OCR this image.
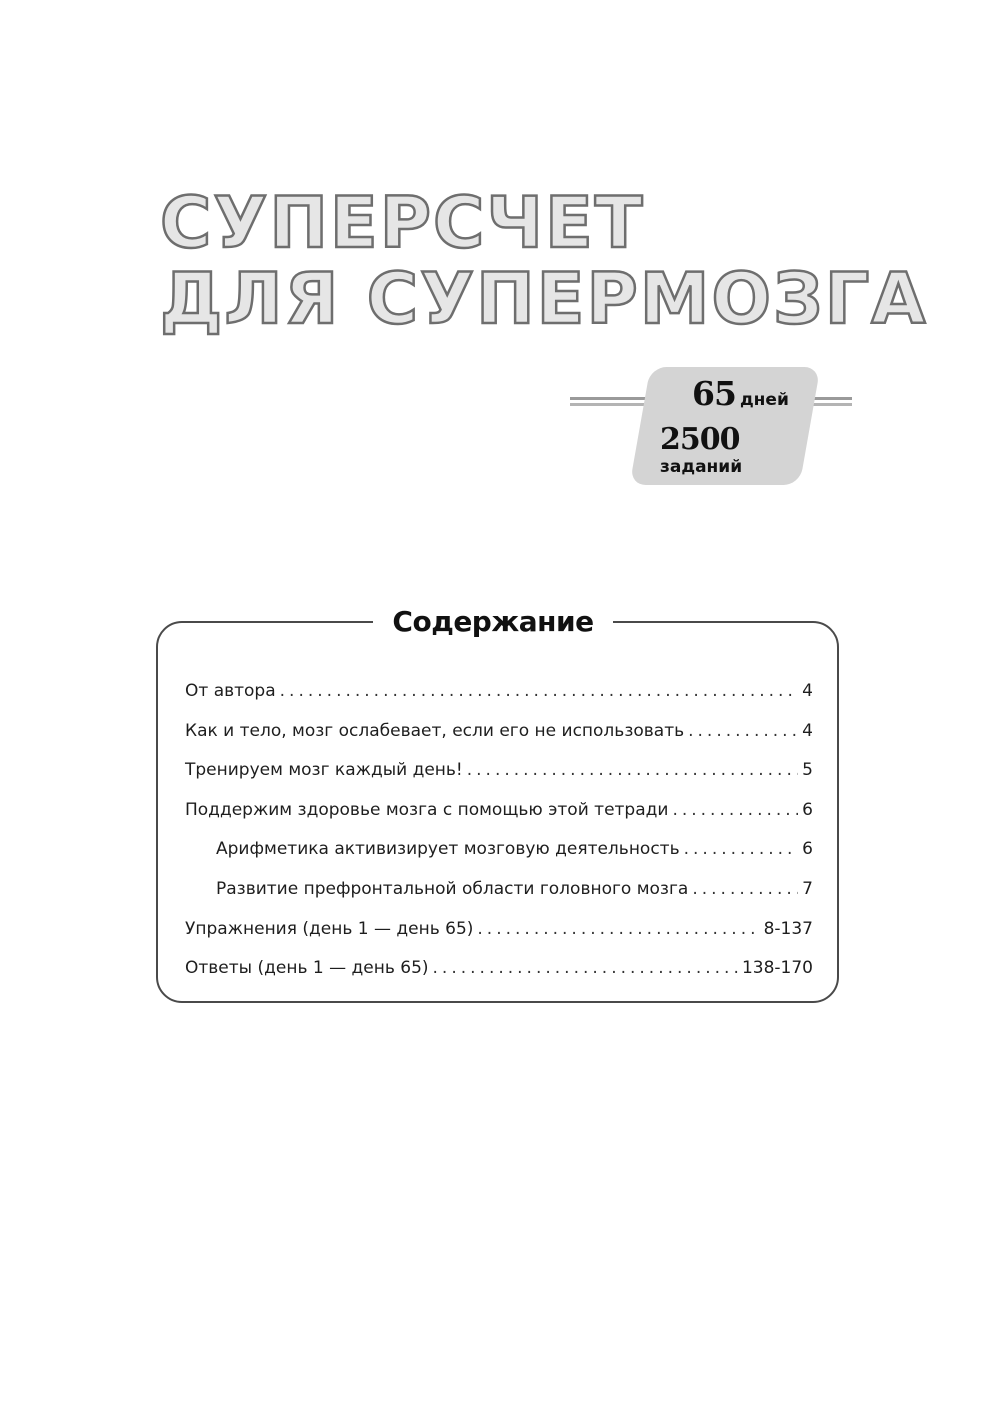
СУПЕРСЧЕТ
ДЛЯ СУПЕРМОЗГА
65 дней
2500
заданий
Содержание
От автора .....	4
Как и тело, мозг ослабевает, если его не использовать .....	4
Тренируем мозг каждый день! .....	5
Поддержим здоровье мозга с помощью этой тетради .....	6
Арифметика активизирует мозговую деятельность .....	6
Развитие префронтальной области головного мозга .....	7
Упражнения (день 1 — день 65) .....	8-137
Ответы (день 1 — день 65) .....	138-170
